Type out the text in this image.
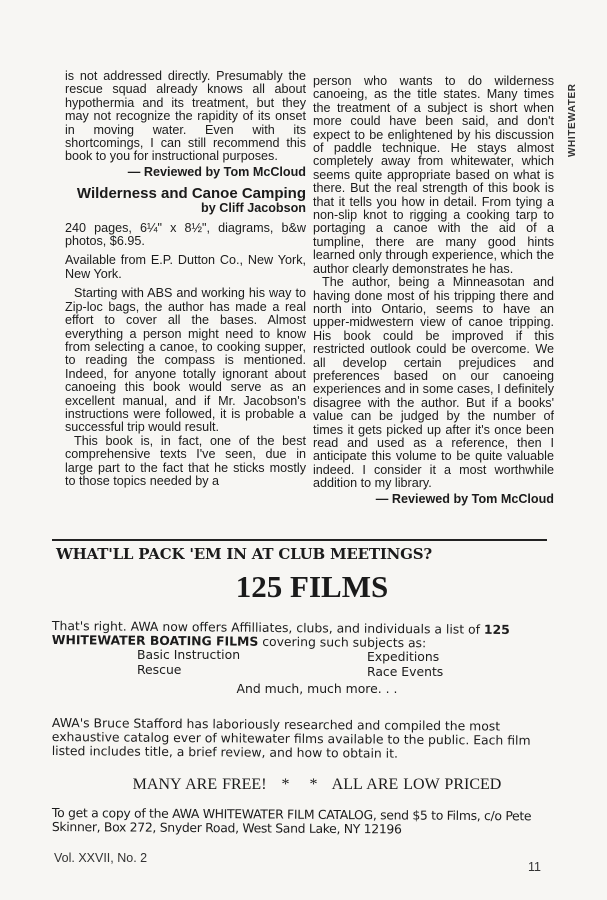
WHITEWATER

is not addressed directly. Presumably the rescue squad already knows all about hypothermia and its treatment, but they may not recognize the rapidity of its onset in moving water. Even with its shortcomings, I can still recommend this book to you for instructional purposes.

— Reviewed by Tom McCloud

Wilderness and Canoe Camping

by Cliff Jacobson

240 pages, 6¼" x 8½", diagrams, b&w photos, $6.95.

Available from E.P. Dutton Co., New York, New York.

Starting with ABS and working his way to Zip-loc bags, the author has made a real effort to cover all the bases. Almost everything a person might need to know from selecting a canoe, to cooking supper, to reading the compass is mentioned. Indeed, for anyone totally ignorant about canoeing this book would serve as an excellent manual, and if Mr. Jacobson's instructions were followed, it is probable a successful trip would result.

This book is, in fact, one of the best comprehensive texts I've seen, due in large part to the fact that he sticks mostly to those topics needed by a

person who wants to do wilderness canoeing, as the title states. Many times the treatment of a subject is short when more could have been said, and don't expect to be enlightened by his discussion of paddle technique. He stays almost completely away from whitewater, which seems quite appropriate based on what is there. But the real strength of this book is that it tells you how in detail. From tying a non-slip knot to rigging a cooking tarp to portaging a canoe with the aid of a tumpline, there are many good hints learned only through experience, which the author clearly demonstrates he has.

The author, being a Minneasotan and having done most of his tripping there and north into Ontario, seems to have an upper-midwestern view of canoe tripping. His book could be improved if this restricted outlook could be overcome. We all develop certain prejudices and preferences based on our canoeing experiences and in some cases, I definitely disagree with the author. But if a books' value can be judged by the number of times it gets picked up after it's once been read and used as a reference, then I anticipate this volume to be quite valuable indeed. I consider it a most worthwhile addition to my library.

— Reviewed by Tom McCloud

WHAT'LL PACK 'EM IN AT CLUB MEETINGS?
125 FILMS
That's right. AWA now offers Affilliates, clubs, and individuals a list of 125 WHITEWATER BOATING FILMS covering such subjects as:
Basic Instruction	Expeditions
Rescue	Race Events
And much, much more. . .
AWA's Bruce Stafford has laboriously researched and compiled the most exhaustive catalog ever of whitewater films available to the public. Each film listed includes title, a brief review, and how to obtain it.
MANY ARE FREE! * * ALL ARE LOW PRICED
To get a copy of the AWA WHITEWATER FILM CATALOG, send $5 to Films, c/o Pete Skinner, Box 272, Snyder Road, West Sand Lake, NY 12196
Vol. XXVII, No. 2
11
